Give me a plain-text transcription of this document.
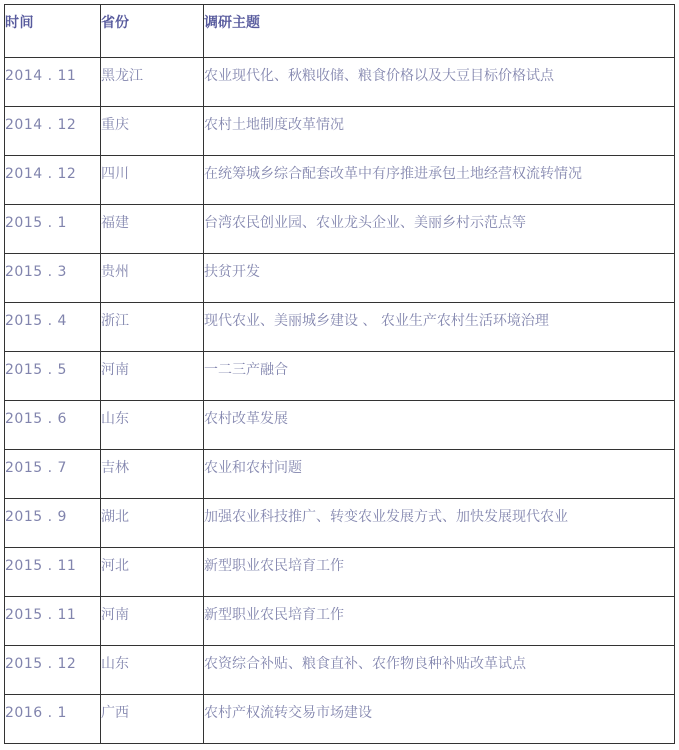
时间	省份	调研主题
2014 . 11	黑龙江	农业现代化、秋粮收储、粮食价格以及大豆目标价格试点
2014 . 12	重庆	农村土地制度改革情况
2014 . 12	四川	在统筹城乡综合配套改革中有序推进承包土地经营权流转情况
2015 . 1	福建	台湾农民创业园、农业龙头企业、美丽乡村示范点等
2015 . 3	贵州	扶贫开发
2015 . 4	浙江	现代农业、美丽城乡建设 、 农业生产农村生活环境治理
2015 . 5	河南	一二三产融合
2015 . 6	山东	农村改革发展
2015 . 7	吉林	农业和农村问题
2015 . 9	湖北	加强农业科技推广、转变农业发展方式、加快发展现代农业
2015 . 11	河北	新型职业农民培育工作
2015 . 11	河南	新型职业农民培育工作
2015 . 12	山东	农资综合补贴、粮食直补、农作物良种补贴改革试点
2016 . 1	广西	农村产权流转交易市场建设
